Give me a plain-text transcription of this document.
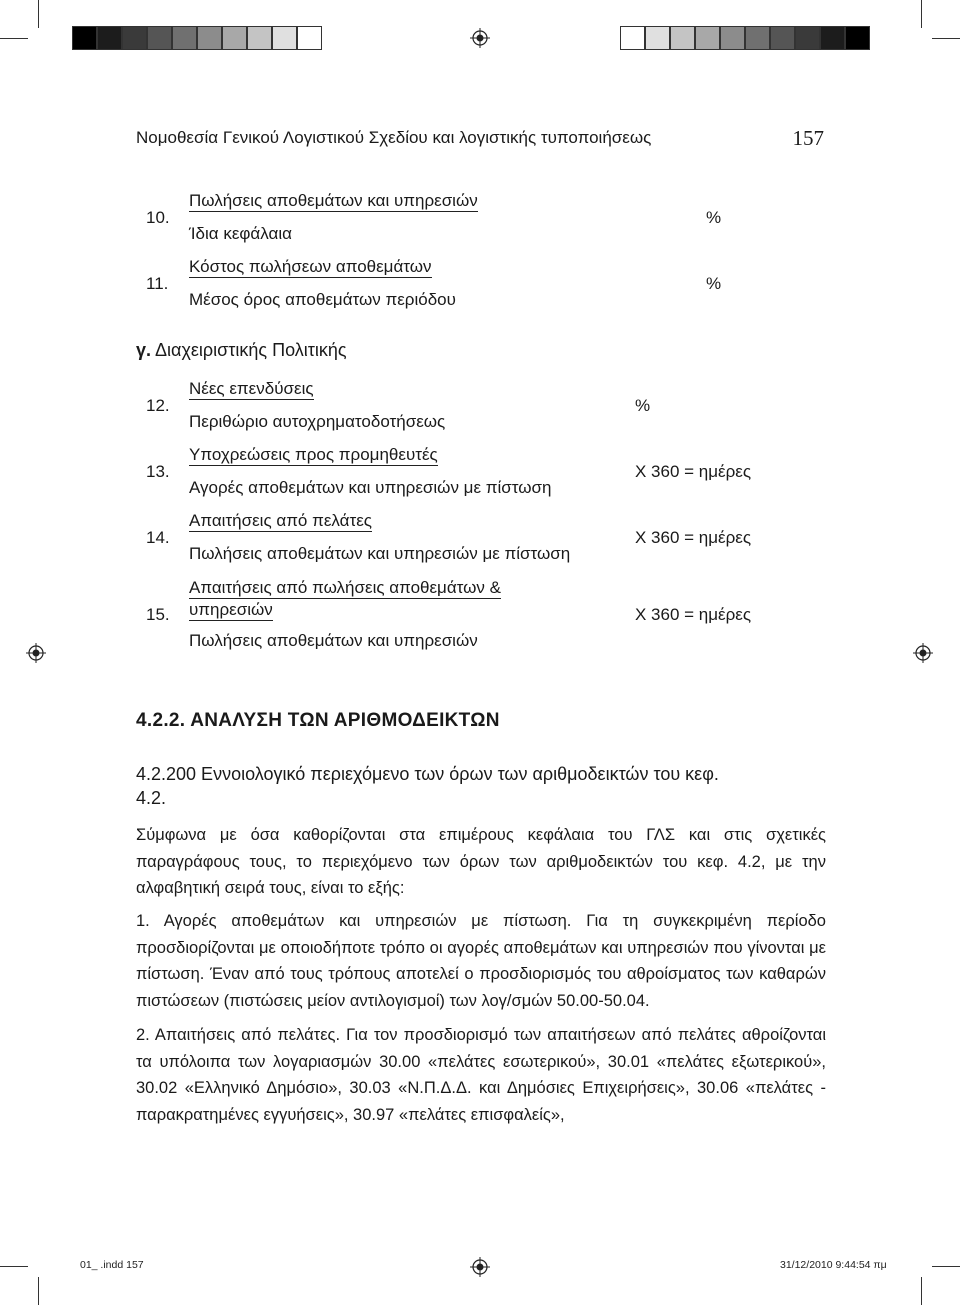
Νομοθεσία Γενικού Λογιστικού Σχεδίου και λογιστικής τυποποιήσεως	157
10.
Πωλήσεις αποθεμάτων και υπηρεσιών
Ίδια κεφάλαια
%
11.
Κόστος πωλήσεων αποθεμάτων
Μέσος όρος αποθεμάτων περιόδου
%
γ. Διαχειριστικής Πολιτικής
12.
Νέες επενδύσεις
Περιθώριο αυτοχρηματοδοτήσεως
%
13.
Υποχρεώσεις προς προμηθευτές
Αγορές αποθεμάτων και υπηρεσιών με πίστωση
X 360 = ημέρες
14.
Απαιτήσεις από πελάτες
Πωλήσεις αποθεμάτων και υπηρεσιών με πίστωση
X 360 = ημέρες
15.
Απαιτήσεις από πωλήσεις αποθεμάτων &
υπηρεσιών
Πωλήσεις αποθεμάτων και υπηρεσιών
X 360 = ημέρες
4.2.2. ΑΝΑΛΥΣΗ ΤΩΝ ΑΡΙΘΜΟΔΕΙΚΤΩΝ
4.2.200 Εννοιολογικό περιεχόμενο των όρων των αριθμοδεικτών του κεφ.
4.2.
Σύμφωνα με όσα καθορίζονται στα επιμέρους κεφάλαια του ΓΛΣ και στις σχετικές παραγράφους τους, το περιεχόμενο των όρων των αριθμοδεικτών του κεφ. 4.2, με την αλφαβητική σειρά τους, είναι το εξής:
1. Αγορές αποθεμάτων και υπηρεσιών με πίστωση. Για τη συγκεκριμένη περίοδο προσδιορίζονται με οποιοδήποτε τρόπο οι αγορές αποθεμάτων και υπηρεσιών που γίνονται με πίστωση. Έναν από τους τρόπους αποτελεί ο προσδιορισμός του αθροίσματος των καθαρών πιστώσεων (πιστώσεις μείον αντιλογισμοί) των λογ/σμών 50.00-50.04.
2. Απαιτήσεις από πελάτες. Για τον προσδιορισμό των απαιτήσεων από πελάτες αθροίζονται τα υπόλοιπα των λογαριασμών 30.00 «πελάτες εσωτερικού», 30.01 «πελάτες εξωτερικού», 30.02 «Ελληνικό Δημόσιο», 30.03 «Ν.Π.Δ.Δ. και Δημόσιες Επιχειρήσεις», 30.06 «πελάτες - παρακρατημένες εγγυήσεις», 30.97 «πελάτες επισφαλείς»,
01_ .indd 157	31/12/2010 9:44:54 πμ
